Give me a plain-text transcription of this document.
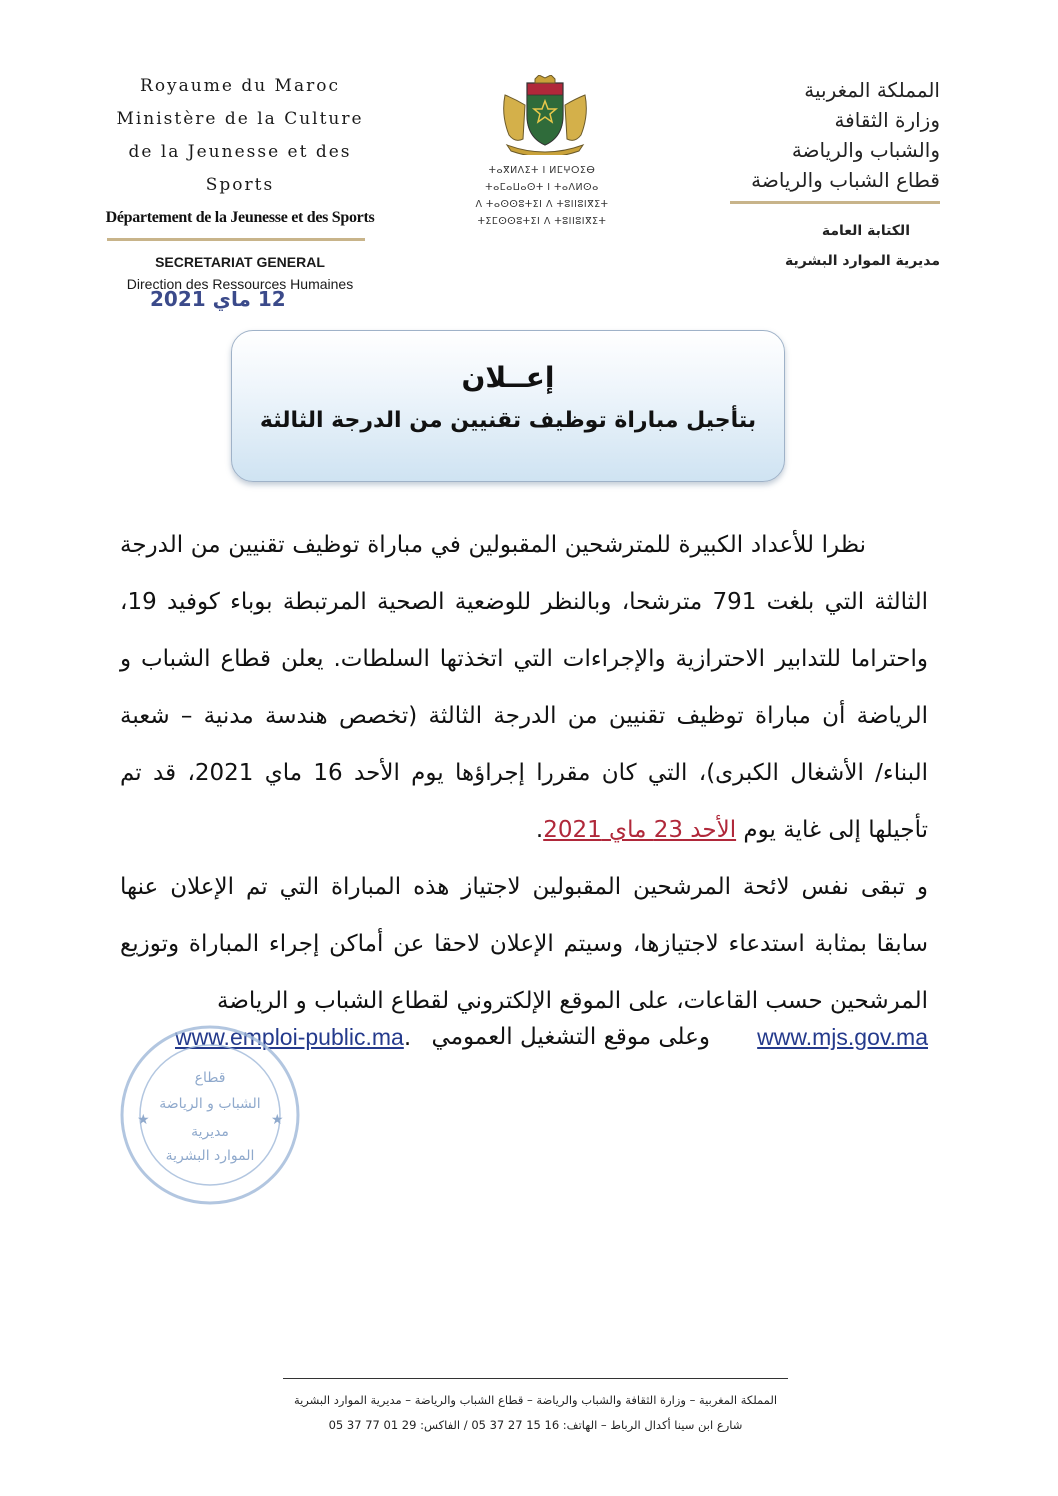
Royaume du Maroc
Ministère de la Culture
de la Jeunesse et des Sports
Département de la Jeunesse et des Sports
SECRETARIAT GENERAL
Direction des Ressources Humaines
ⵜⴰⴳⵍⴷⵉⵜ ⵏ ⵍⵎⵖⵔⵉⴱ
ⵜⴰⵎⴰⵡⴰⵙⵜ ⵏ ⵜⴰⴷⵍⵙⴰ
ⴷ ⵜⴰⵙⵙⵓⵜⵉⵏ ⴷ ⵜⵓⵏⵏⵓⵏⴳⵉⵜ
ⵜⵉⵎⵙⵙⵓⵜⵉⵏ ⴷ ⵜⵓⵏⵏⵓⵏⴳⵉⵜ
المملكة المغربية
وزارة الثقافة
والشباب والرياضة
قطاع الشباب والرياضة
الكتابة العامة
مديرية الموارد البشرية
12 ماي 2021
إعــلان
بتأجيل مباراة توظيف تقنيين من الدرجة الثالثة

نظرا للأعداد الكبيرة للمترشحين المقبولين في مباراة توظيف تقنيين من الدرجة الثالثة التي بلغت 791 مترشحا، وبالنظر للوضعية الصحية المرتبطة بوباء كوفيد 19، واحتراما للتدابير الاحترازية والإجراءات التي اتخذتها السلطات. يعلن قطاع الشباب و الرياضة أن مباراة توظيف تقنيين من الدرجة الثالثة (تخصص هندسة مدنية – شعبة البناء/ الأشغال الكبرى)، التي كان مقررا إجراؤها يوم الأحد 16 ماي 2021، قد تم تأجيلها إلى غاية يوم الأحد 23 ماي 2021.

و تبقى نفس لائحة المرشحين المقبولين لاجتياز هذه المباراة التي تم الإعلان عنها سابقا بمثابة استدعاء لاجتيازها، وسيتم الإعلان لاحقا عن أماكن إجراء المباراة وتوزيع المرشحين حسب القاعات، على الموقع الإلكتروني لقطاع الشباب و الرياضة

www.mjs.gov.ma
وعلى موقع التشغيل العمومي
.www.emploi-public.ma
قطاع
الشباب و الرياضة
مديرية
الموارد البشرية
★	★
المملكة المغربية – وزارة الثقافة والشباب والرياضة – قطاع الشباب والرياضة – مديرية الموارد البشرية
شارع ابن سينا أكدال الرباط – الهاتف: 16 15 27 37 05 / الفاكس: 29 01 77 37 05
